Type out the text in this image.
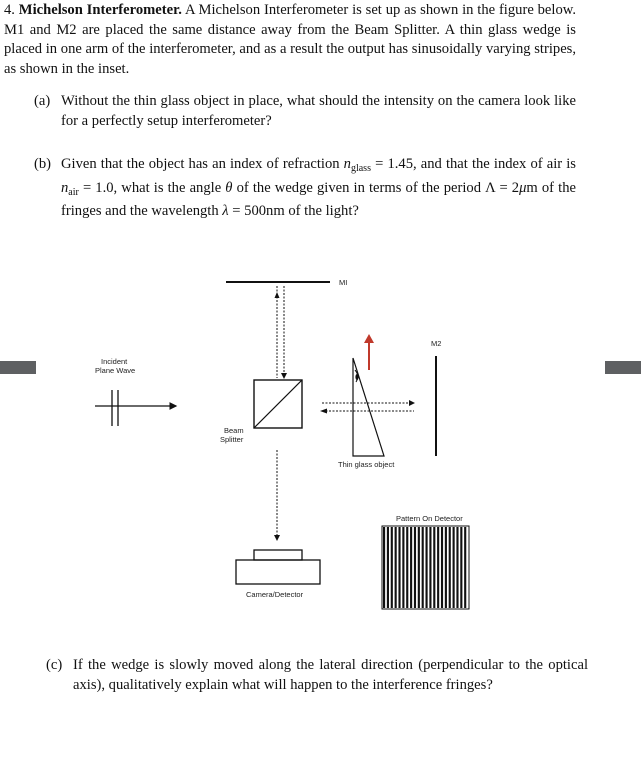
4. Michelson Interferometer. A Michelson Interferometer is set up as shown in the figure below. M1 and M2 are placed the same distance away from the Beam Splitter. A thin glass wedge is placed in one arm of the interferometer, and as a result the output has sinusoidally varying stripes, as shown in the inset.
(a) Without the thin glass object in place, what should the intensity on the camera look like for a perfectly setup interferometer?
(b) Given that the object has an index of refraction $n_{glass} = 1.45$, and that the index of air is $n_{air} = 1.0$, what is the angle θ of the wedge given in terms of the period Λ = 2μm of the fringes and the wavelength λ = 500nm of the light?
MI
Beam
Splitter
Incident
Plane Wave
Thin glass object
M2
Camera/Detector
Pattern On Detector
(c) If the wedge is slowly moved along the lateral direction (perpendicular to the optical axis), qualitatively explain what will happen to the interference fringes?
